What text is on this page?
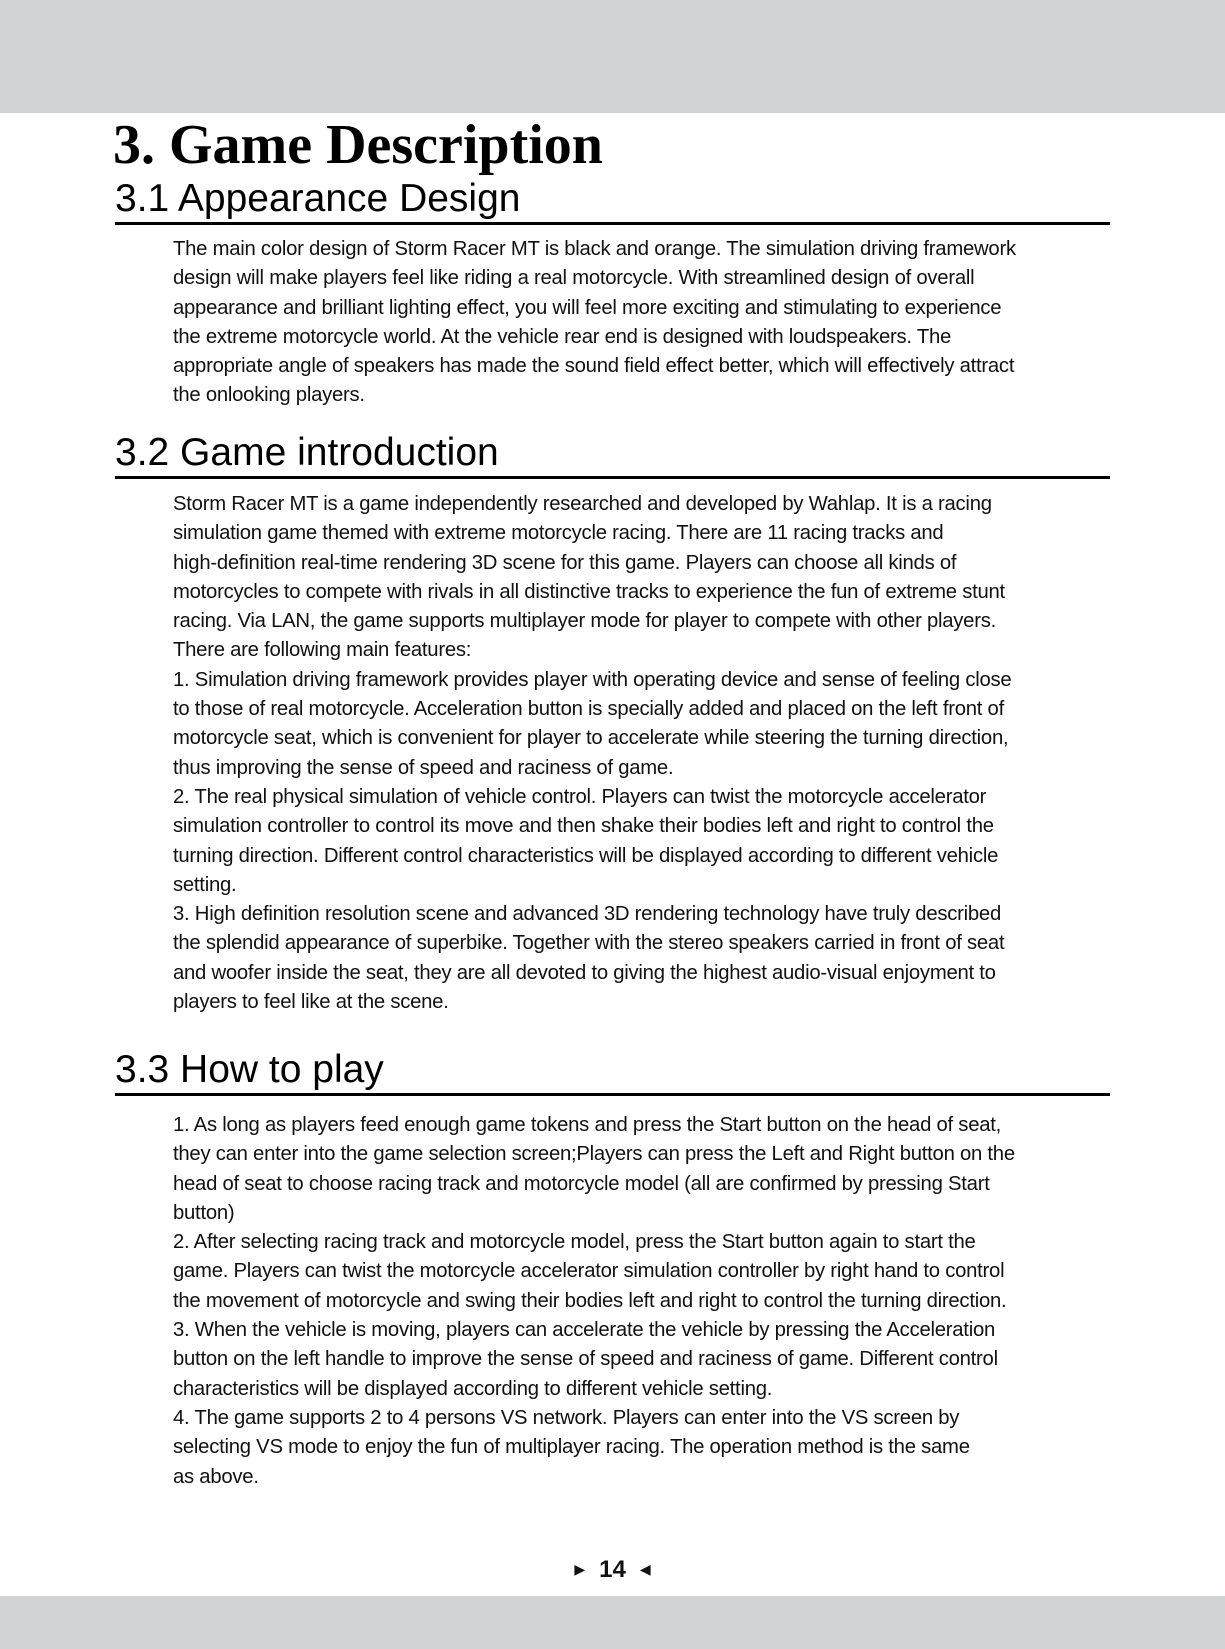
3. Game Description
3.1 Appearance Design
The main color design of Storm Racer MT is black and orange. The simulation driving framework
design will make players feel like riding a real motorcycle. With streamlined design of overall
appearance and brilliant lighting effect, you will feel more exciting and stimulating to experience
the extreme motorcycle world. At the vehicle rear end is designed with loudspeakers. The
appropriate angle of speakers has made the sound field effect better, which will effectively attract
the onlooking players.
3.2 Game introduction
Storm Racer MT is a game independently researched and developed by Wahlap. It is a racing
simulation game themed with extreme motorcycle racing. There are 11 racing tracks and
high-definition real-time rendering 3D scene for this game. Players can choose all kinds of
motorcycles to compete with rivals in all distinctive tracks to experience the fun of extreme stunt
racing. Via LAN, the game supports multiplayer mode for player to compete with other players.
There are following main features:
1. Simulation driving framework provides player with operating device and sense of feeling close
to those of real motorcycle. Acceleration button is specially added and placed on the left front of
motorcycle seat, which is convenient for player to accelerate while steering the turning direction,
thus improving the sense of speed and raciness of game.
2. The real physical simulation of vehicle control. Players can twist the motorcycle accelerator
simulation controller to control its move and then shake their bodies left and right to control the
turning direction. Different control characteristics will be displayed according to different vehicle
setting.
3. High definition resolution scene and advanced 3D rendering technology have truly described
the splendid appearance of superbike. Together with the stereo speakers carried in front of seat
and woofer inside the seat, they are all devoted to giving the highest audio-visual enjoyment to
players to feel like at the scene.
3.3 How to play
1. As long as players feed enough game tokens and press the Start button on the head of seat,
they can enter into the game selection screen;Players can press the Left and Right button on the
head of seat to choose racing track and motorcycle model (all are confirmed by pressing Start
button)
2. After selecting racing track and motorcycle model, press the Start button again to start the
game. Players can twist the motorcycle accelerator simulation controller by right hand to control
the movement of motorcycle and swing their bodies left and right to control the turning direction.
3. When the vehicle is moving, players can accelerate the vehicle by pressing the Acceleration
button on the left handle to improve the sense of speed and raciness of game. Different control
characteristics will be displayed according to different vehicle setting.
4. The game supports 2 to 4 persons VS network. Players can enter into the VS screen by
selecting VS mode to enjoy the fun of multiplayer racing. The operation method is the same
as above.
▶ 14 ◀
